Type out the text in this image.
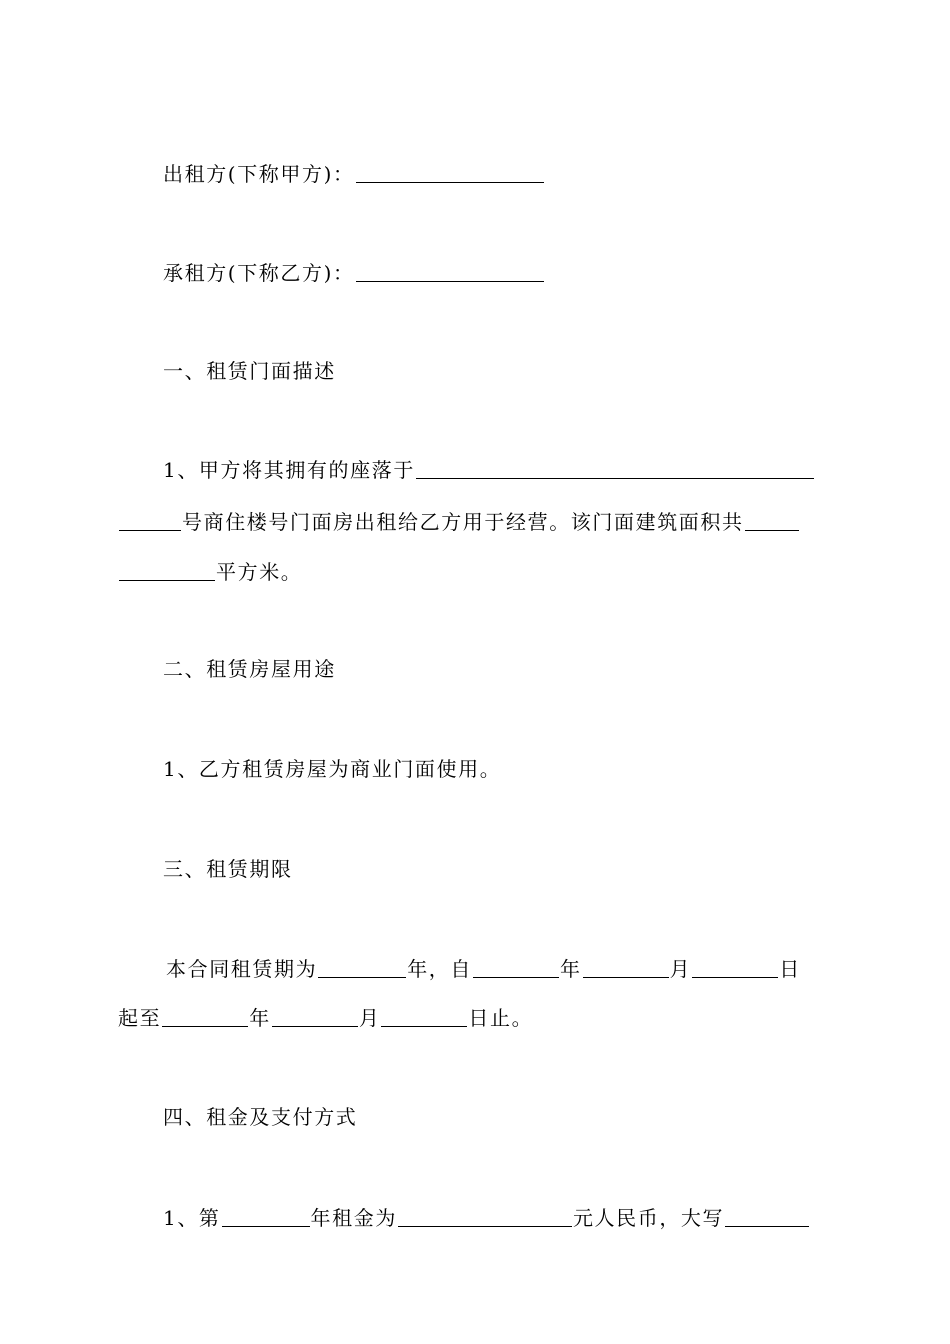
出租方(下称甲方)：
承租方(下称乙方)：
一、租赁门面描述
1、甲方将其拥有的座落于
号商住楼号门面房出租给乙方用于经营。该门面建筑面积共
平方米。
二、租赁房屋用途
1、乙方租赁房屋为商业门面使用。
三、租赁期限
本合同租赁期为	年，自	年	月	日
起至	年	月	日止。
四、租金及支付方式
1、第	年租金为	元人民币，大写
